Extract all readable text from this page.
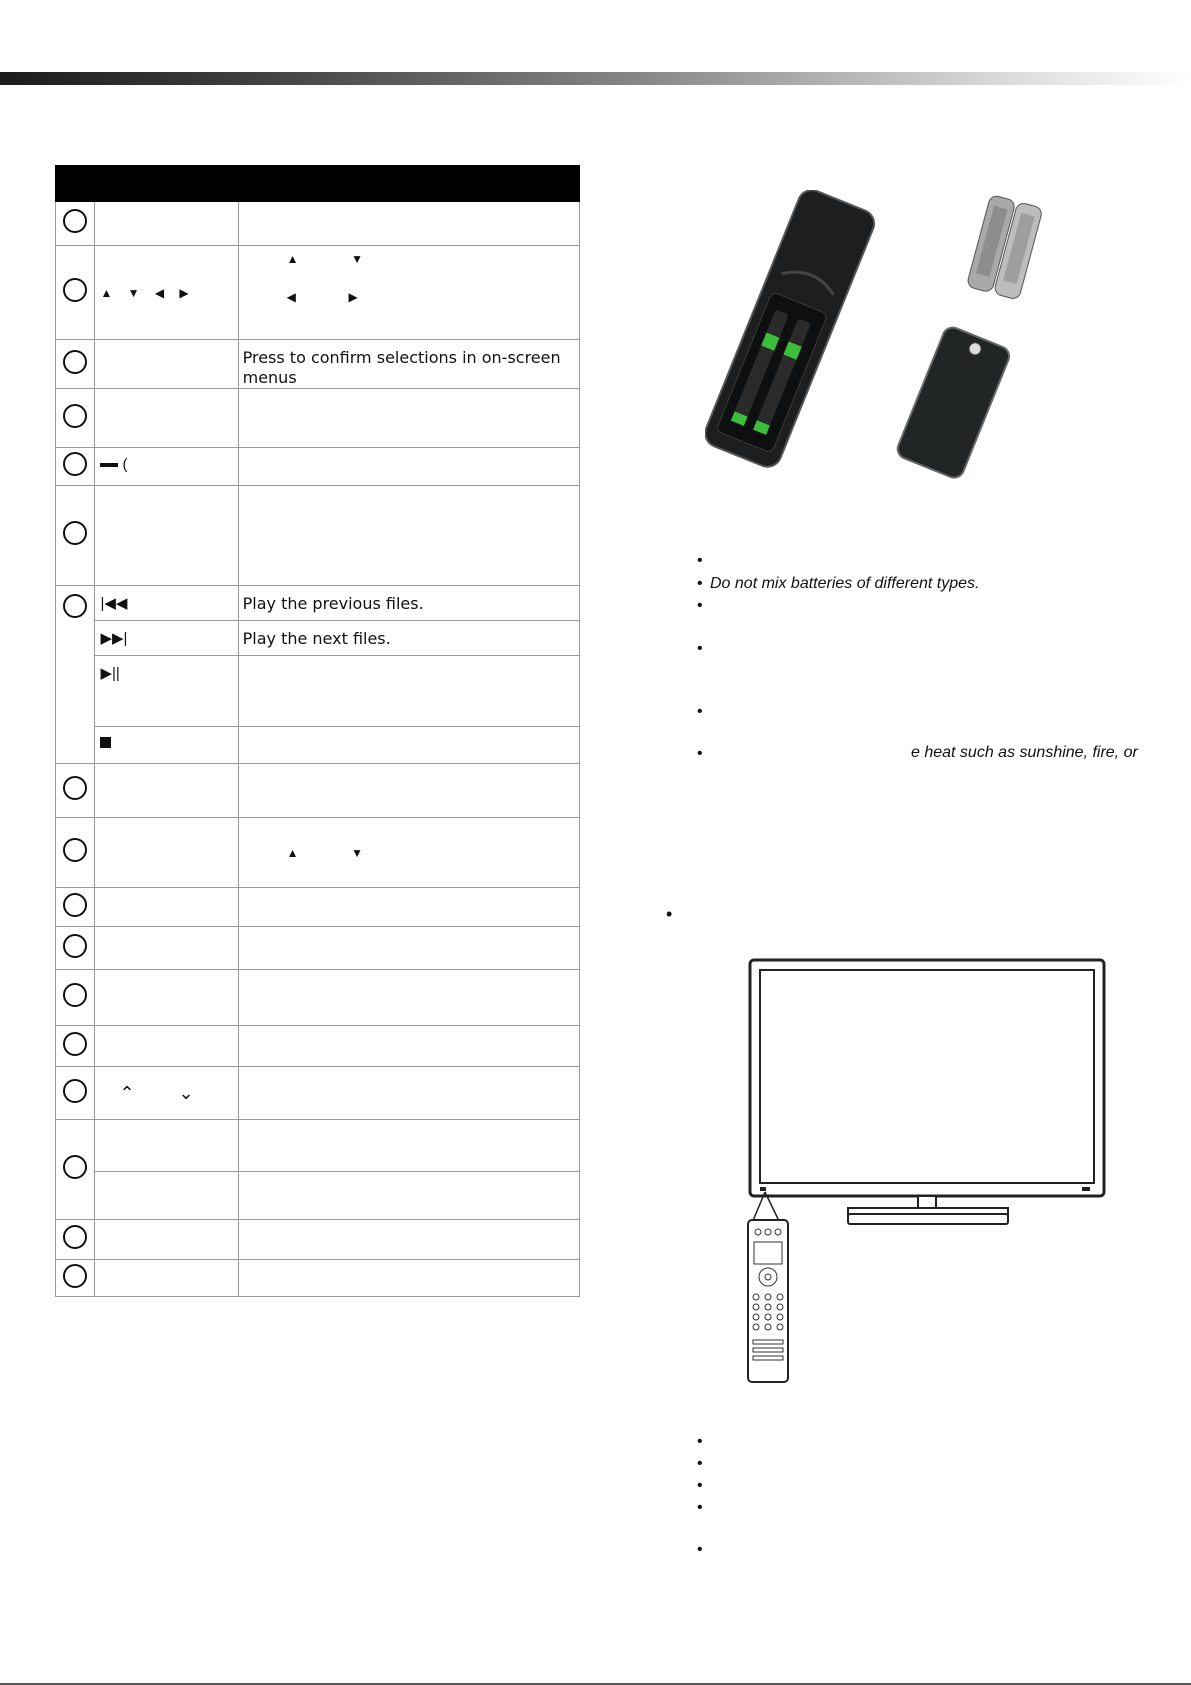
	▲ ▼ ◀ ▶	▲     ▼
◀     ▶

		Press to confirm selections in on-screen menus

	(	

	|◀◀	Play the previous files.

	▶▶|	Play the next files.

	▶||	

		▲     ▼

	⌃⌄	

•
• Do not mix batteries of different types.
•
•
•
•	e heat such as sunshine, fire, or
•
•
•
•
•
•
